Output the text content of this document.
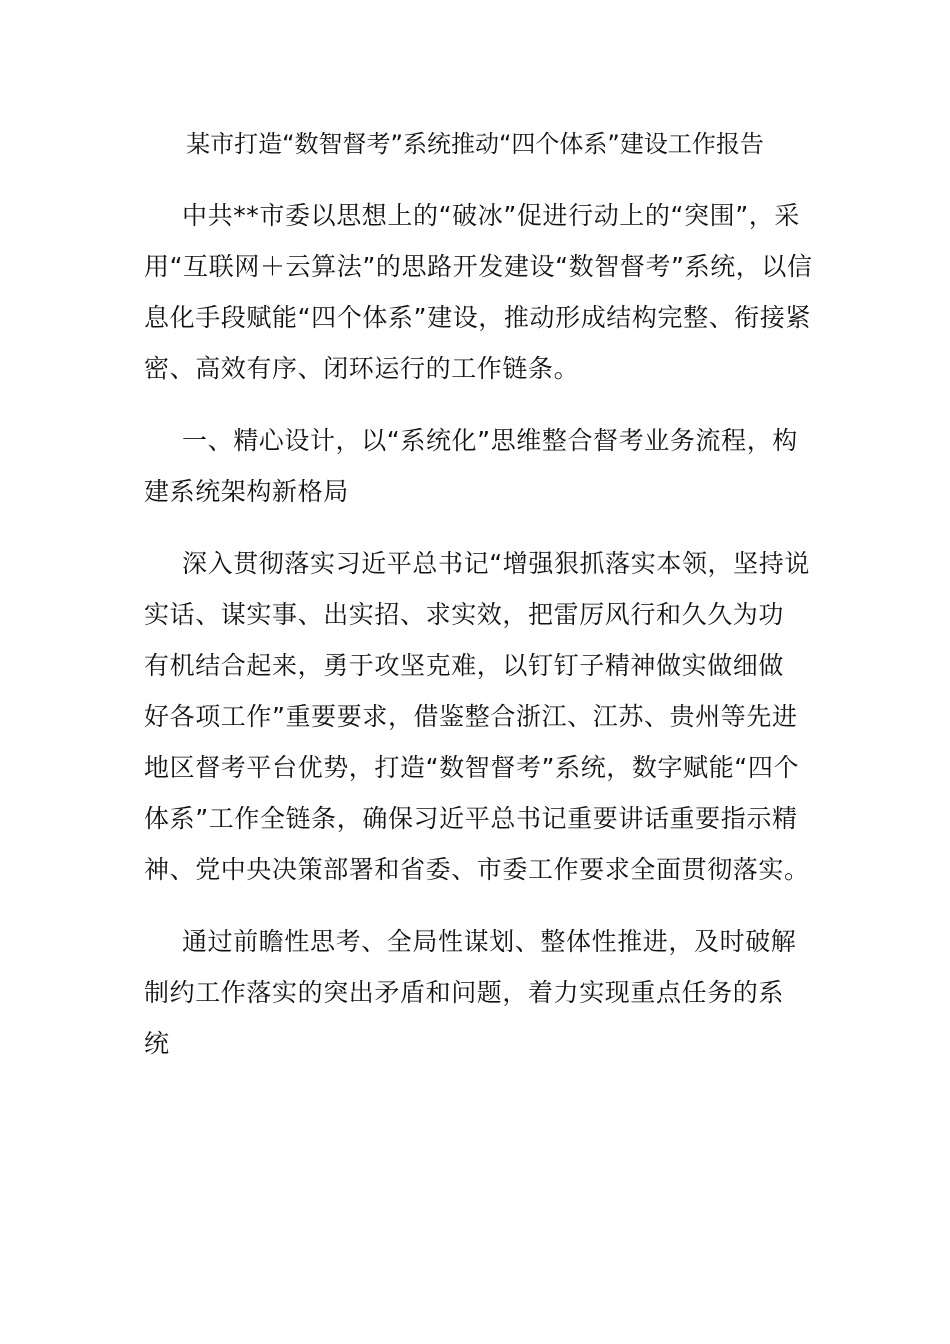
某市打造“数智督考”系统推动“四个体系”建设工作报告
中共**市委以思想上的“破冰”促进行动上的“突围”，采
用“互联网＋云算法”的思路开发建设“数智督考”系统，以信
息化手段赋能“四个体系”建设，推动形成结构完整、衔接紧
密、高效有序、闭环运行的工作链条。
一、精心设计，以“系统化”思维整合督考业务流程，构
建系统架构新格局
深入贯彻落实习近平总书记“增强狠抓落实本领，坚持说
实话、谋实事、出实招、求实效，把雷厉风行和久久为功
有机结合起来，勇于攻坚克难，以钉钉子精神做实做细做
好各项工作”重要要求，借鉴整合浙江、江苏、贵州等先进
地区督考平台优势，打造“数智督考”系统，数字赋能“四个
体系”工作全链条，确保习近平总书记重要讲话重要指示精
神、党中央决策部署和省委、市委工作要求全面贯彻落实。
通过前瞻性思考、全局性谋划、整体性推进，及时破解
制约工作落实的突出矛盾和问题，着力实现重点任务的系
统
